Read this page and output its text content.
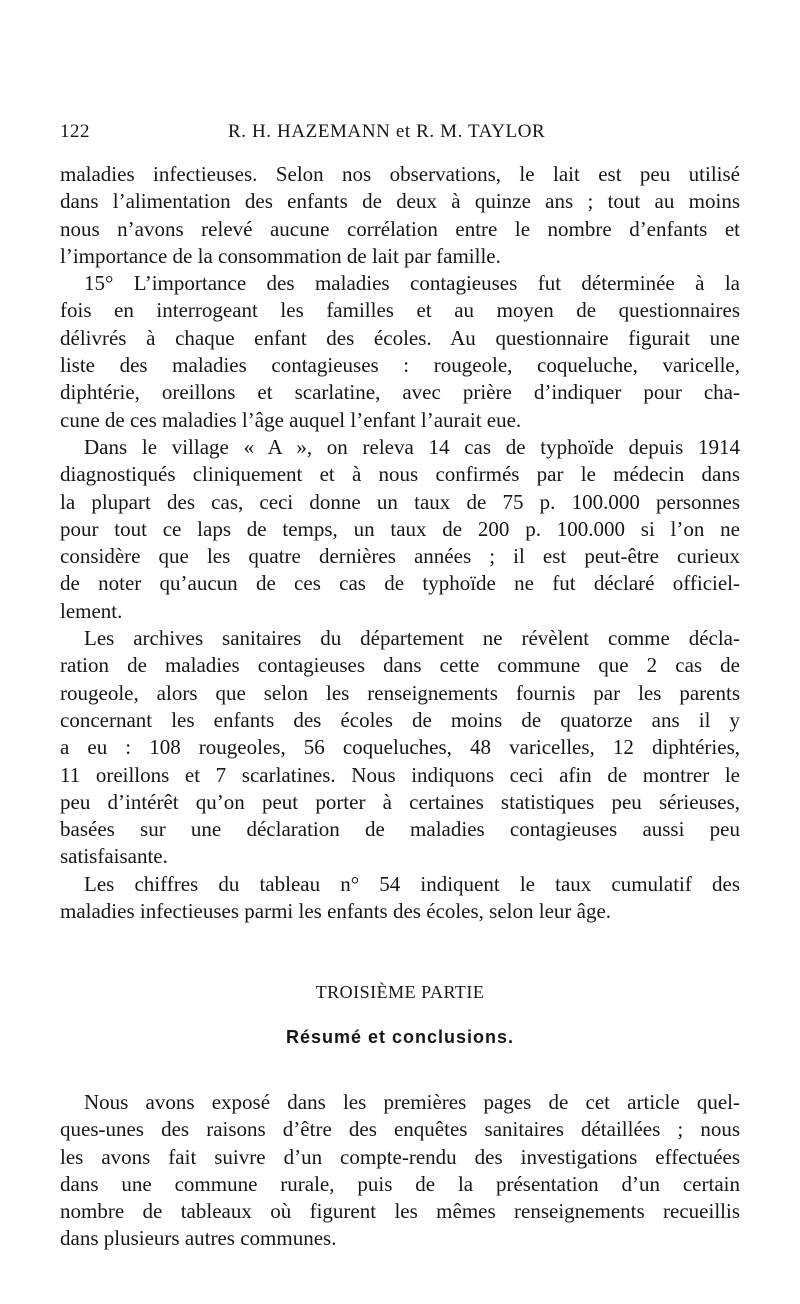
122	R. H. HAZEMANN et R. M. TAYLOR
maladies infectieuses. Selon nos observations, le lait est peu utilisé
dans l’alimentation des enfants de deux à quinze ans ; tout au moins
nous n’avons relevé aucune corrélation entre le nombre d’enfants et
l’importance de la consommation de lait par famille.
15° L’importance des maladies contagieuses fut déterminée à la
fois en interrogeant les familles et au moyen de questionnaires
délivrés à chaque enfant des écoles. Au questionnaire figurait une
liste des maladies contagieuses : rougeole, coqueluche, varicelle,
diphtérie, oreillons et scarlatine, avec prière d’indiquer pour cha-
cune de ces maladies l’âge auquel l’enfant l’aurait eue.
Dans le village « A », on releva 14 cas de typhoïde depuis 1914
diagnostiqués cliniquement et à nous confirmés par le médecin dans
la plupart des cas, ceci donne un taux de 75 p. 100.000 personnes
pour tout ce laps de temps, un taux de 200 p. 100.000 si l’on ne
considère que les quatre dernières années ; il est peut-être curieux
de noter qu’aucun de ces cas de typhoïde ne fut déclaré officiel-
lement.
Les archives sanitaires du département ne révèlent comme décla-
ration de maladies contagieuses dans cette commune que 2 cas de
rougeole, alors que selon les renseignements fournis par les parents
concernant les enfants des écoles de moins de quatorze ans il y
a eu : 108 rougeoles, 56 coqueluches, 48 varicelles, 12 diphtéries,
11 oreillons et 7 scarlatines. Nous indiquons ceci afin de montrer le
peu d’intérêt qu’on peut porter à certaines statistiques peu sérieuses,
basées sur une déclaration de maladies contagieuses aussi peu
satisfaisante.
Les chiffres du tableau n° 54 indiquent le taux cumulatif des
maladies infectieuses parmi les enfants des écoles, selon leur âge.
TROISIÈME PARTIE
Résumé et conclusions.
Nous avons exposé dans les premières pages de cet article quel-
ques-unes des raisons d’être des enquêtes sanitaires détaillées ; nous
les avons fait suivre d’un compte-rendu des investigations effectuées
dans une commune rurale, puis de la présentation d’un certain
nombre de tableaux où figurent les mêmes renseignements recueillis
dans plusieurs autres communes.
